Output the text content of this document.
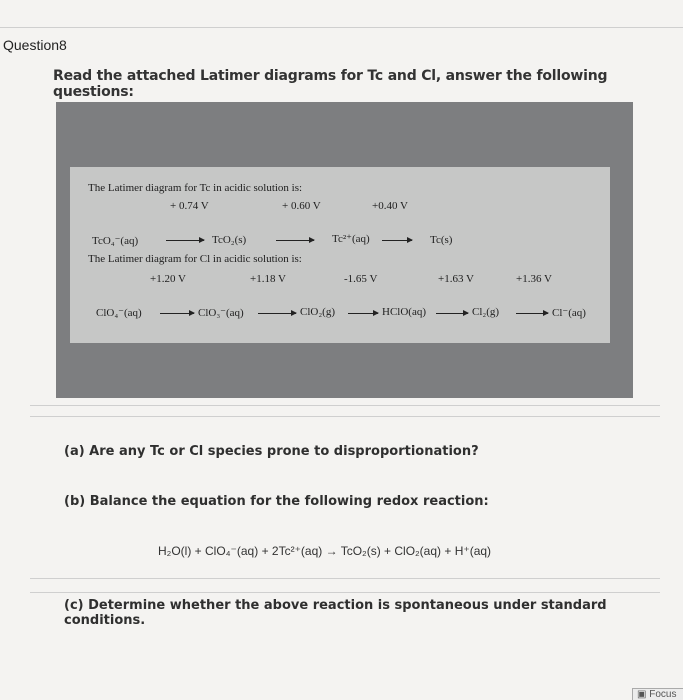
Question8
Read the attached Latimer diagrams for Tc and Cl, answer the following questions:
The Latimer diagram for Tc in acidic solution is:
+ 0.74 V	+ 0.60 V	+0.40 V
TcO₄⁻(aq)	TcO₂(s)	Tc²⁺(aq)	Tc(s)
The Latimer diagram for Cl in acidic solution is:
+1.20 V	+1.18 V	-1.65 V	+1.63 V	+1.36 V
ClO₄⁻(aq)	ClO₃⁻(aq)	ClO₂(g)	HClO(aq)	Cl₂(g)	Cl⁻(aq)
(a) Are any Tc or Cl species prone to disproportionation?
(b) Balance the equation for the following redox reaction:
H₂O(l) + ClO₄⁻(aq) + 2Tc²⁺(aq) → TcO₂(s) + ClO₂(aq) + H⁺(aq)
(c) Determine whether the above reaction is spontaneous under standard conditions.
▣ Focus
